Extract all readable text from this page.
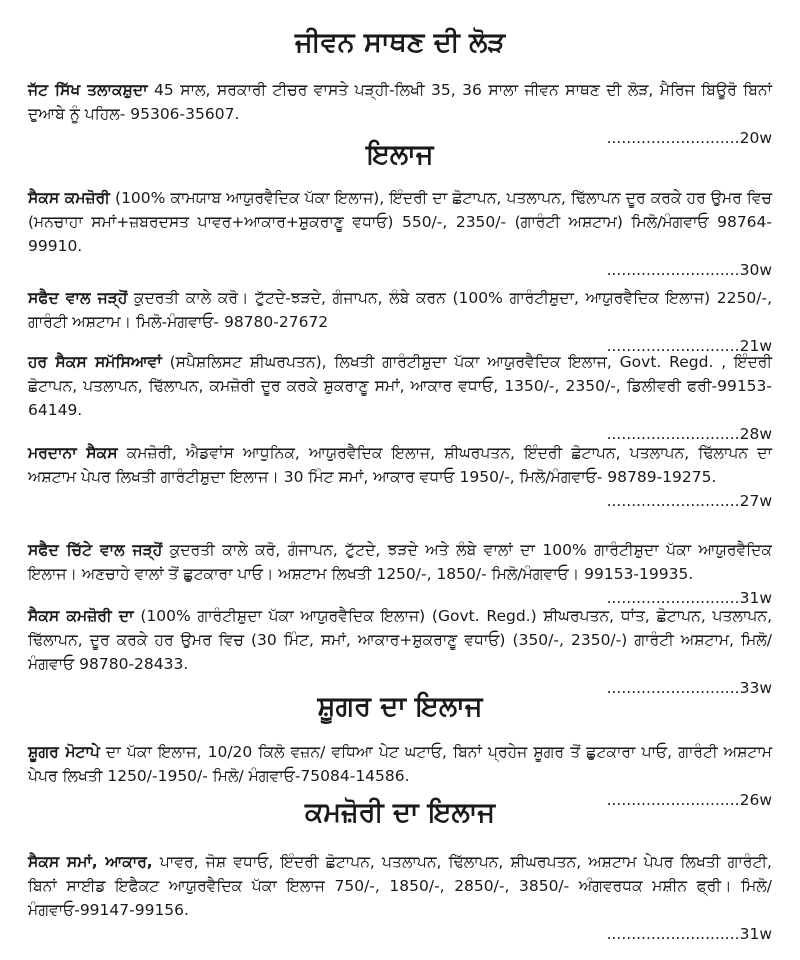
ਜੀਵਨ ਸਾਥਣ ਦੀ ਲੋੜ
ਜੱਟ ਸਿੱਖ ਤਲਾਕਸ਼ੁਦਾ 45 ਸਾਲ, ਸਰਕਾਰੀ ਟੀਚਰ ਵਾਸਤੇ ਪੜ੍ਹੀ-ਲਿਖੀ 35, 36 ਸਾਲਾ ਜੀਵਨ ਸਾਥਣ ਦੀ ਲੋੜ, ਮੈਰਿਜ ਬਿਊਰੋ ਬਿਨਾਂ ਦੁਆਬੇ ਨੂੰ ਪਹਿਲ- 95306-35607.
...........................20w
ਇਲਾਜ
ਸੈਕਸ ਕਮਜ਼ੋਰੀ (100% ਕਾਮਯਾਬ ਆਯੁਰਵੈਦਿਕ ਪੱਕਾ ਇਲਾਜ), ਇੰਦਰੀ ਦਾ ਛੋਟਾਪਨ, ਪਤਲਾਪਨ, ਢਿੱਲਾਪਨ ਦੂਰ ਕਰਕੇ ਹਰ ਉਮਰ ਵਿਚ (ਮਨਚਾਹਾ ਸਮਾਂ+ਜ਼ਬਰਦਸਤ ਪਾਵਰ+ਆਕਾਰ+ਸ਼ੁਕਰਾਣੂ ਵਧਾਓ) 550/-, 2350/- (ਗਾਰੰਟੀ ਅਸ਼ਟਾਮ) ਮਿਲੋ/ਮੰਗਵਾਓ 98764-99910.
...........................30w
ਸਫੈਦ ਵਾਲ ਜੜ੍ਹੋਂ ਕੁਦਰਤੀ ਕਾਲੇ ਕਰੋ। ਟੁੱਟਦੇ-ਝੜਦੇ, ਗੰਜਾਪਨ, ਲੰਬੇ ਕਰਨ (100% ਗਾਰੰਟੀਸ਼ੁਦਾ, ਆਯੁਰਵੈਦਿਕ ਇਲਾਜ) 2250/-, ਗਾਰੰਟੀ ਅਸ਼ਟਾਮ। ਮਿਲੋ-ਮੰਗਵਾਓ- 98780-27672
...........................21w
ਹਰ ਸੈਕਸ ਸਮੱਸਿਆਵਾਂ (ਸਪੈਸ਼ਲਿਸਟ ਸ਼ੀਘਰਪਤਨ), ਲਿਖਤੀ ਗਾਰੰਟੀਸ਼ੁਦਾ ਪੱਕਾ ਆਯੁਰਵੈਦਿਕ ਇਲਾਜ, Govt. Regd. , ਇੰਦਰੀ ਛੋਟਾਪਨ, ਪਤਲਾਪਨ, ਢਿੱਲਾਪਨ, ਕਮਜ਼ੋਰੀ ਦੂਰ ਕਰਕੇ ਸ਼ੁਕਰਾਣੂ ਸਮਾਂ, ਆਕਾਰ ਵਧਾਓ, 1350/-, 2350/-, ਡਿਲੀਵਰੀ ਫਰੀ-99153-64149.
...........................28w
ਮਰਦਾਨਾ ਸੈਕਸ ਕਮਜ਼ੋਰੀ, ਐਡਵਾਂਸ ਆਧੁਨਿਕ, ਆਯੁਰਵੈਦਿਕ ਇਲਾਜ, ਸ਼ੀਘਰਪਤਨ, ਇੰਦਰੀ ਛੋਟਾਪਨ, ਪਤਲਾਪਨ, ਢਿੱਲਾਪਨ ਦਾ ਅਸ਼ਟਾਮ ਪੇਪਰ ਲਿਖਤੀ ਗਾਰੰਟੀਸ਼ੁਦਾ ਇਲਾਜ। 30 ਮਿੰਟ ਸਮਾਂ, ਆਕਾਰ ਵਧਾਓ 1950/-, ਮਿਲੋ/ਮੰਗਵਾਓ- 98789-19275.
...........................27w
ਸਫੈਦ ਚਿੱਟੇ ਵਾਲ ਜੜ੍ਹੋਂ ਕੁਦਰਤੀ ਕਾਲੇ ਕਰੋ, ਗੰਜਾਪਨ, ਟੁੱਟਦੇ, ਝੜਦੇ ਅਤੇ ਲੰਬੇ ਵਾਲਾਂ ਦਾ 100% ਗਾਰੰਟੀਸ਼ੁਦਾ ਪੱਕਾ ਆਯੁਰਵੈਦਿਕ ਇਲਾਜ। ਅਣਚਾਹੇ ਵਾਲਾਂ ਤੋਂ ਛੁਟਕਾਰਾ ਪਾਓ। ਅਸ਼ਟਾਮ ਲਿਖਤੀ 1250/-, 1850/- ਮਿਲੋ/ਮੰਗਵਾਓ। 99153-19935.
...........................31w
ਸੈਕਸ ਕਮਜ਼ੋਰੀ ਦਾ (100% ਗਾਰੰਟੀਸ਼ੁਦਾ ਪੱਕਾ ਆਯੁਰਵੈਦਿਕ ਇਲਾਜ) (Govt. Regd.) ਸ਼ੀਘਰਪਤਨ, ਧਾਂਤ, ਛੋਟਾਪਨ, ਪਤਲਾਪਨ, ਢਿੱਲਾਪਨ, ਦੂਰ ਕਰਕੇ ਹਰ ਉਮਰ ਵਿਚ (30 ਮਿੰਟ, ਸਮਾਂ, ਆਕਾਰ+ਸ਼ੁਕਰਾਣੂ ਵਧਾਓ) (350/-, 2350/-) ਗਾਰੰਟੀ ਅਸ਼ਟਾਮ, ਮਿਲੋ/ਮੰਗਵਾਓ 98780-28433.
...........................33w
ਸ਼ੂਗਰ ਦਾ ਇਲਾਜ
ਸ਼ੂਗਰ ਮੋਟਾਪੇ ਦਾ ਪੱਕਾ ਇਲਾਜ, 10/20 ਕਿਲੋ ਵਜ਼ਨ/ ਵਧਿਆ ਪੇਟ ਘਟਾਓ, ਬਿਨਾਂ ਪ੍ਰਹੇਜ ਸ਼ੂਗਰ ਤੋਂ ਛੁਟਕਾਰਾ ਪਾਓ, ਗਾਰੰਟੀ ਅਸ਼ਟਾਮ ਪੇਪਰ ਲਿਖਤੀ 1250/-1950/- ਮਿਲੋ/ ਮੰਗਵਾਓ-75084-14586.
...........................26w
ਕਮਜ਼ੋਰੀ ਦਾ ਇਲਾਜ
ਸੈਕਸ ਸਮਾਂ, ਆਕਾਰ, ਪਾਵਰ, ਜੋਸ਼ ਵਧਾਓ, ਇੰਦਰੀ ਛੋਟਾਪਨ, ਪਤਲਾਪਨ, ਢਿੱਲਾਪਨ, ਸ਼ੀਘਰਪਤਨ, ਅਸ਼ਟਾਮ ਪੇਪਰ ਲਿਖਤੀ ਗਾਰੰਟੀ, ਬਿਨਾਂ ਸਾਈਡ ਇਫੈਕਟ ਆਯੁਰਵੈਦਿਕ ਪੱਕਾ ਇਲਾਜ 750/-, 1850/-, 2850/-, 3850/- ਅੰਗਵਰਧਕ ਮਸ਼ੀਨ ਫ੍ਰੀ। ਮਿਲੋ/ਮੰਗਵਾਓ-99147-99156.
...........................31w
